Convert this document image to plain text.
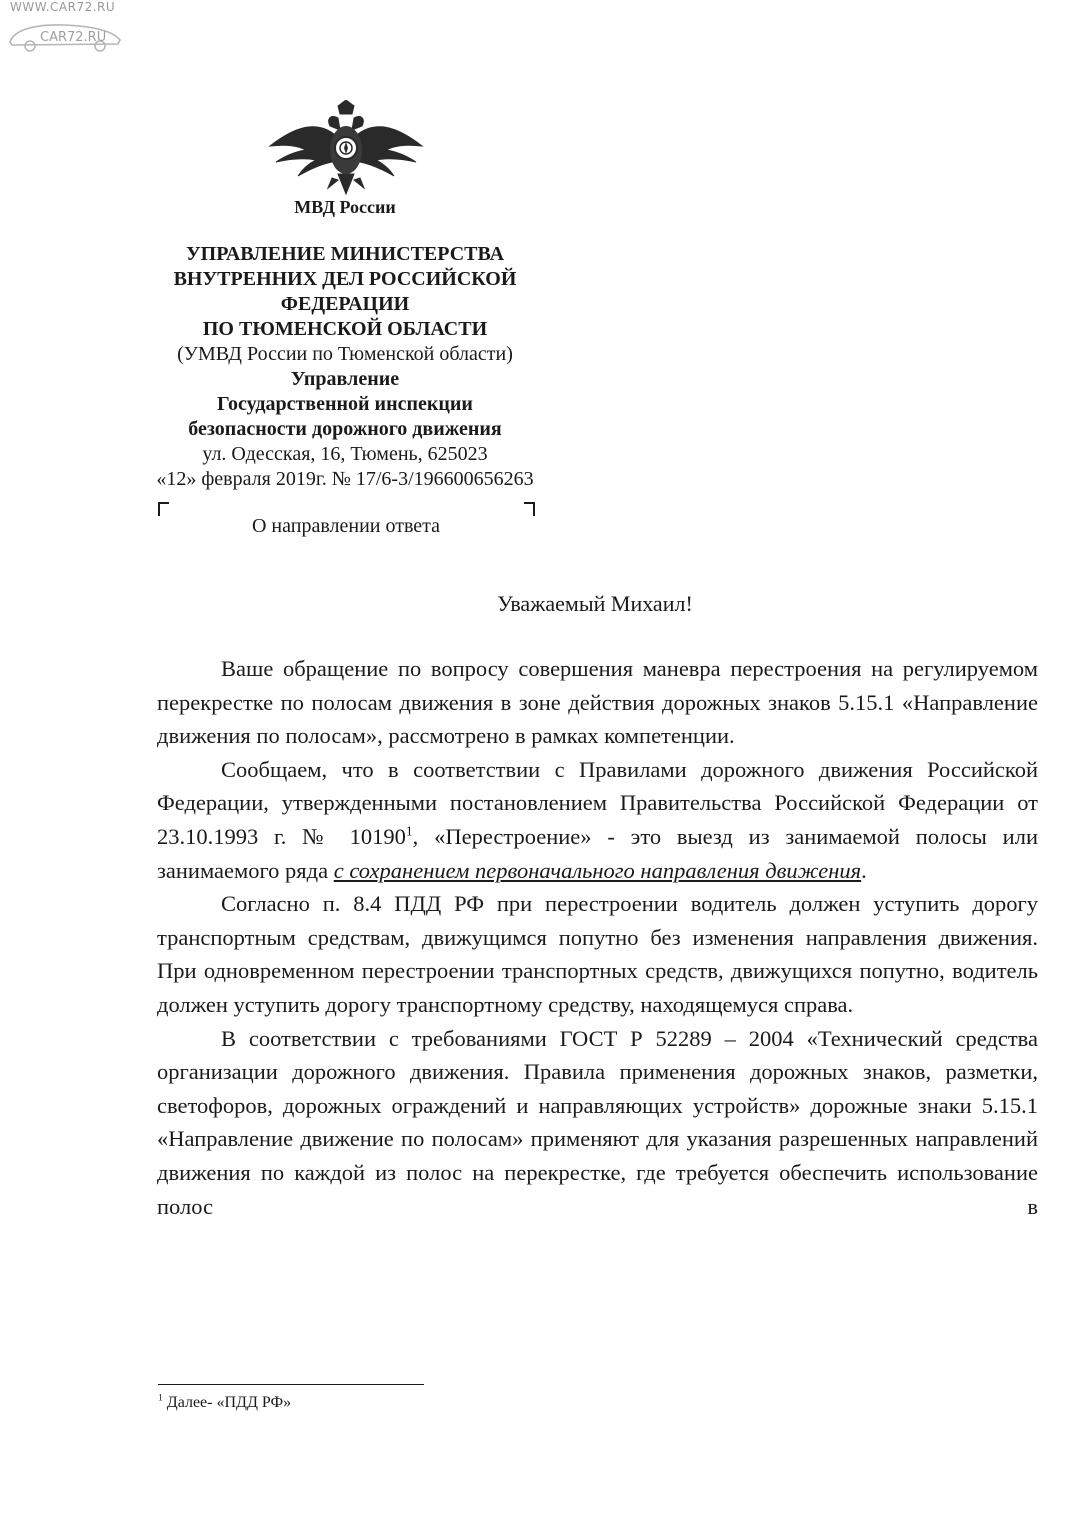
WWW.CAR72.RU
CAR72.RU
МВД России
УПРАВЛЕНИЕ МИНИСТЕРСТВА
ВНУТРЕННИХ ДЕЛ РОССИЙСКОЙ
ФЕДЕРАЦИИ
ПО ТЮМЕНСКОЙ ОБЛАСТИ
(УМВД России по Тюменской области)
Управление
Государственной инспекции
безопасности дорожного движения
ул. Одесская, 16, Тюмень, 625023
«12» февраля 2019г. № 17/6-3/196600656263
О направлении ответа
Уважаемый Михаил!

Ваше обращение по вопросу совершения маневра перестроения на регулируемом перекрестке по полосам движения в зоне действия дорожных знаков 5.15.1 «Направление движения по полосам», рассмотрено в рамках компетенции.

Сообщаем, что в соответствии с Правилами дорожного движения Российской Федерации, утвержденными постановлением Правительства Российской Федерации от 23.10.1993 г. № 10190$^1$, «Перестроение» - это выезд из занимаемой полосы или занимаемого ряда с сохранением первоначального направления движения.

Согласно п. 8.4 ПДД РФ при перестроении водитель должен уступить дорогу транспортным средствам, движущимся попутно без изменения направления движения. При одновременном перестроении транспортных средств, движущихся попутно, водитель должен уступить дорогу транспортному средству, находящемуся справа.

В соответствии с требованиями ГОСТ Р 52289 – 2004 «Технический средства организации дорожного движения. Правила применения дорожных знаков, разметки, светофоров, дорожных ограждений и направляющих устройств» дорожные знаки 5.15.1 «Направление движение по полосам» применяют для указания разрешенных направлений движения по каждой из полос на перекрестке, где требуется обеспечить использование полос в

$^1$ Далее- «ПДД РФ»
